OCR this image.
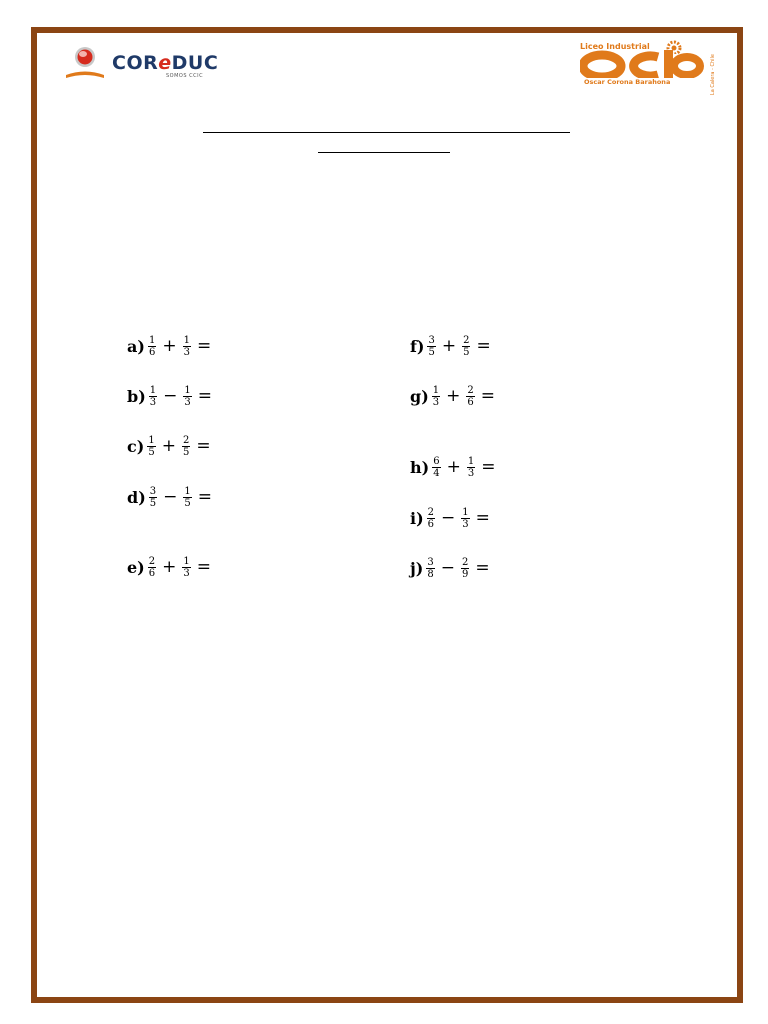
COReDUC
SOMOS CCIC
Liceo Industrial
Oscar Corona Barahona	La Calera - Chile
$a) \frac{1}{6} + \frac{1}{3}$ =
$b) \frac{1}{3} - \frac{1}{3}$ =
$c) \frac{1}{5} + \frac{2}{5}$ =
$d) \frac{3}{5} - \frac{1}{5}$ =
$e) \frac{2}{6} + \frac{1}{3}$ =
$f) \frac{3}{5} + \frac{2}{5}$ =
$g) \frac{1}{3} + \frac{2}{6}$ =
$h) \frac{6}{4} + \frac{1}{3}$ =
$i) \frac{2}{6} - \frac{1}{3}$ =
$j) \frac{3}{8} - \frac{2}{9}$ =
